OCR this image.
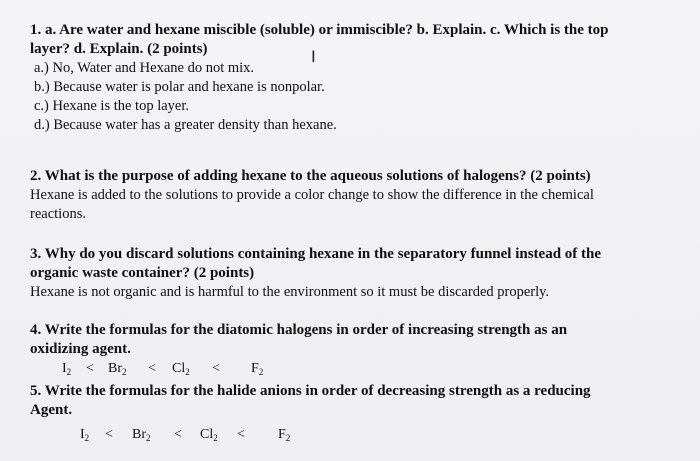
1. a. Are water and hexane miscible (soluble) or immiscible? b. Explain. c. Which is the top

layer? d. Explain. (2 points)

a.) No, Water and Hexane do not mix.

b.) Because water is polar and hexane is nonpolar.

c.) Hexane is the top layer.

d.) Because water has a greater density than hexane.

I

2. What is the purpose of adding hexane to the aqueous solutions of halogens? (2 points)

Hexane is added to the solutions to provide a color change to show the difference in the chemical

reactions.

3. Why do you discard solutions containing hexane in the separatory funnel instead of the

organic waste container? (2 points)

Hexane is not organic and is harmful to the environment so it must be discarded properly.

4. Write the formulas for the diatomic halogens in order of increasing strength as an

oxidizing agent.

$I_2 < Br_2 < Cl_2 < F_2$

5. Write the formulas for the halide anions in order of decreasing strength as a reducing

Agent.

$I_2 < Br_2 < Cl_2 < F_2$
